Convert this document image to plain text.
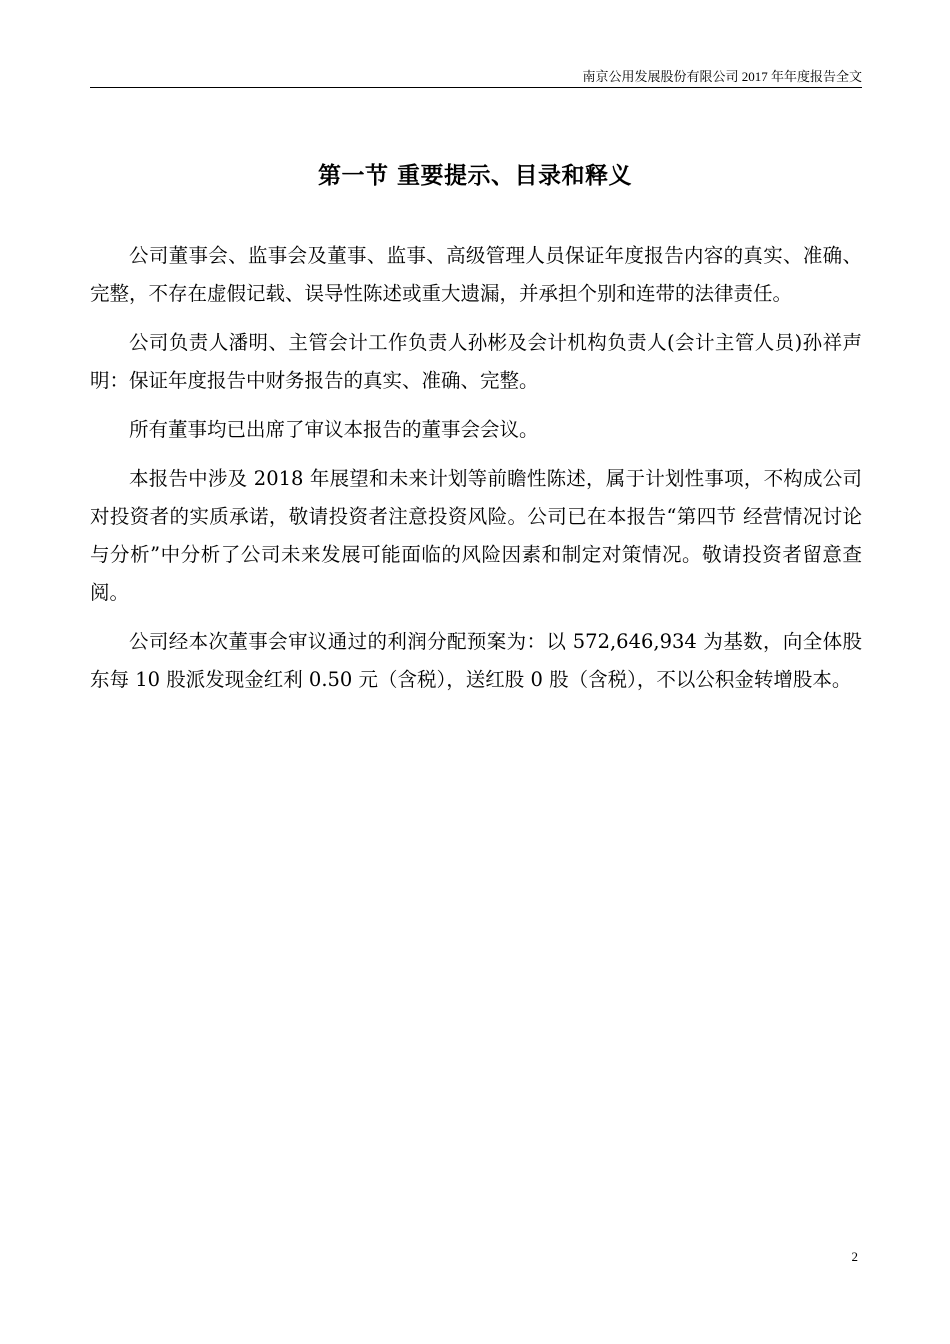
南京公用发展股份有限公司 2017 年年度报告全文
第一节 重要提示、目录和释义

公司董事会、监事会及董事、监事、高级管理人员保证年度报告内容的真实、准确、完整，不存在虚假记载、误导性陈述或重大遗漏，并承担个别和连带的法律责任。

公司负责人潘明、主管会计工作负责人孙彬及会计机构负责人(会计主管人员)孙祥声明：保证年度报告中财务报告的真实、准确、完整。

所有董事均已出席了审议本报告的董事会会议。

本报告中涉及 2018 年展望和未来计划等前瞻性陈述，属于计划性事项，不构成公司对投资者的实质承诺，敬请投资者注意投资风险。公司已在本报告“第四节 经营情况讨论与分析”中分析了公司未来发展可能面临的风险因素和制定对策情况。敬请投资者留意查阅。

公司经本次董事会审议通过的利润分配预案为：以 572,646,934 为基数，向全体股东每 10 股派发现金红利 0.50 元（含税），送红股 0 股（含税），不以公积金转增股本。

2
